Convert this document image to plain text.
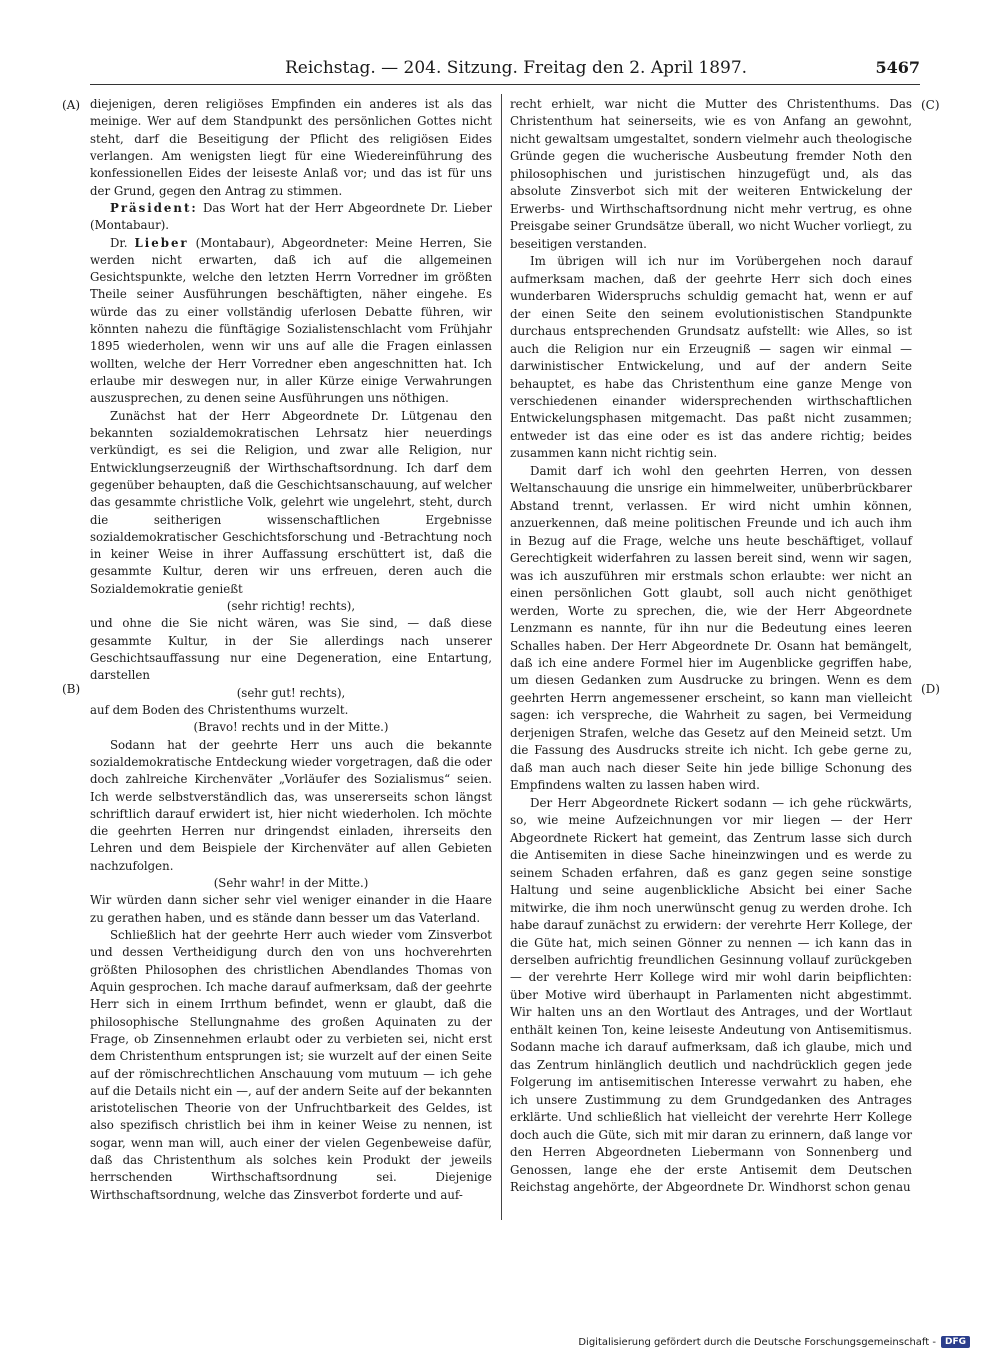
Reichstag. — 204. Sitzung. Freitag den 2. April 1897.	5467
(A)
(B)
(C)
(D)

diejenigen, deren religiöses Empfinden ein anderes ist als das meinige. Wer auf dem Standpunkt des persönlichen Gottes nicht steht, darf die Beseitigung der Pflicht des religiösen Eides verlangen. Am wenigsten liegt für eine Wiedereinführung des konfessionellen Eides der leiseste Anlaß vor; und das ist für uns der Grund, gegen den Antrag zu stimmen.

Präsident: Das Wort hat der Herr Abgeordnete Dr. Lieber (Montabaur).

Dr. Lieber (Montabaur), Abgeordneter: Meine Herren, Sie werden nicht erwarten, daß ich auf die allgemeinen Gesichtspunkte, welche den letzten Herrn Vorredner im größten Theile seiner Ausführungen beschäftigten, näher eingehe. Es würde das zu einer vollständig uferlosen Debatte führen, wir könnten nahezu die fünftägige Sozialistenschlacht vom Frühjahr 1895 wiederholen, wenn wir uns auf alle die Fragen einlassen wollten, welche der Herr Vorredner eben angeschnitten hat. Ich erlaube mir deswegen nur, in aller Kürze einige Verwahrungen auszusprechen, zu denen seine Ausführungen uns nöthigen.

Zunächst hat der Herr Abgeordnete Dr. Lütgenau den bekannten sozialdemokratischen Lehrsatz hier neuerdings verkündigt, es sei die Religion, und zwar alle Religion, nur Entwicklungserzeugniß der Wirthschaftsordnung. Ich darf dem gegenüber behaupten, daß die Geschichtsanschauung, auf welcher das gesammte christliche Volk, gelehrt wie ungelehrt, steht, durch die seitherigen wissenschaftlichen Ergebnisse sozialdemokratischer Geschichtsforschung und -Betrachtung noch in keiner Weise in ihrer Auffassung erschüttert ist, daß die gesammte Kultur, deren wir uns erfreuen, deren auch die Sozialdemokratie genießt

(sehr richtig! rechts),

und ohne die Sie nicht wären, was Sie sind, — daß diese gesammte Kultur, in der Sie allerdings nach unserer Geschichtsauffassung nur eine Degeneration, eine Entartung, darstellen

(sehr gut! rechts),

auf dem Boden des Christenthums wurzelt.

(Bravo! rechts und in der Mitte.)

Sodann hat der geehrte Herr uns auch die bekannte sozialdemokratische Entdeckung wieder vorgetragen, daß die oder doch zahlreiche Kirchenväter „Vorläufer des Sozialismus“ seien. Ich werde selbstverständlich das, was unsererseits schon längst schriftlich darauf erwidert ist, hier nicht wiederholen. Ich möchte die geehrten Herren nur dringendst einladen, ihrerseits den Lehren und dem Beispiele der Kirchenväter auf allen Gebieten nachzufolgen.

(Sehr wahr! in der Mitte.)

Wir würden dann sicher sehr viel weniger einander in die Haare zu gerathen haben, und es stände dann besser um das Vaterland.

Schließlich hat der geehrte Herr auch wieder vom Zinsverbot und dessen Vertheidigung durch den von uns hochverehrten größten Philosophen des christlichen Abendlandes Thomas von Aquin gesprochen. Ich mache darauf aufmerksam, daß der geehrte Herr sich in einem Irrthum befindet, wenn er glaubt, daß die philosophische Stellungnahme des großen Aquinaten zu der Frage, ob Zinsennehmen erlaubt oder zu verbieten sei, nicht erst dem Christenthum entsprungen ist; sie wurzelt auf der einen Seite auf der römischrechtlichen Anschauung vom mutuum — ich gehe auf die Details nicht ein —, auf der andern Seite auf der bekannten aristotelischen Theorie von der Unfruchtbarkeit des Geldes, ist also spezifisch christlich bei ihm in keiner Weise zu nennen, ist sogar, wenn man will, auch einer der vielen Gegenbeweise dafür, daß das Christenthum als solches kein Produkt der jeweils herrschenden Wirthschaftsordnung sei. Diejenige Wirthschaftsordnung, welche das Zinsverbot forderte und auf-

recht erhielt, war nicht die Mutter des Christenthums. Das Christenthum hat seinerseits, wie es von Anfang an gewohnt, nicht gewaltsam umgestaltet, sondern vielmehr auch theologische Gründe gegen die wucherische Ausbeutung fremder Noth den philosophischen und juristischen hinzugefügt und, als das absolute Zinsverbot sich mit der weiteren Entwickelung der Erwerbs- und Wirthschaftsordnung nicht mehr vertrug, es ohne Preisgabe seiner Grundsätze überall, wo nicht Wucher vorliegt, zu beseitigen verstanden.

Im übrigen will ich nur im Vorübergehen noch darauf aufmerksam machen, daß der geehrte Herr sich doch eines wunderbaren Widerspruchs schuldig gemacht hat, wenn er auf der einen Seite den seinem evolutionistischen Standpunkte durchaus entsprechenden Grundsatz aufstellt: wie Alles, so ist auch die Religion nur ein Erzeugniß — sagen wir einmal — darwinistischer Entwickelung, und auf der andern Seite behauptet, es habe das Christenthum eine ganze Menge von verschiedenen einander widersprechenden wirthschaftlichen Entwickelungsphasen mitgemacht. Das paßt nicht zusammen; entweder ist das eine oder es ist das andere richtig; beides zusammen kann nicht richtig sein.

Damit darf ich wohl den geehrten Herren, von dessen Weltanschauung die unsrige ein himmelweiter, unüberbrückbarer Abstand trennt, verlassen. Er wird nicht umhin können, anzuerkennen, daß meine politischen Freunde und ich auch ihm in Bezug auf die Frage, welche uns heute beschäftiget, vollauf Gerechtigkeit widerfahren zu lassen bereit sind, wenn wir sagen, was ich auszuführen mir erstmals schon erlaubte: wer nicht an einen persönlichen Gott glaubt, soll auch nicht genöthiget werden, Worte zu sprechen, die, wie der Herr Abgeordnete Lenzmann es nannte, für ihn nur die Bedeutung eines leeren Schalles haben. Der Herr Abgeordnete Dr. Osann hat bemängelt, daß ich eine andere Formel hier im Augenblicke gegriffen habe, um diesen Gedanken zum Ausdrucke zu bringen. Wenn es dem geehrten Herrn angemessener erscheint, so kann man vielleicht sagen: ich verspreche, die Wahrheit zu sagen, bei Vermeidung derjenigen Strafen, welche das Gesetz auf den Meineid setzt. Um die Fassung des Ausdrucks streite ich nicht. Ich gebe gerne zu, daß man auch nach dieser Seite hin jede billige Schonung des Empfindens walten zu lassen haben wird.

Der Herr Abgeordnete Rickert sodann — ich gehe rückwärts, so, wie meine Aufzeichnungen vor mir liegen — der Herr Abgeordnete Rickert hat gemeint, das Zentrum lasse sich durch die Antisemiten in diese Sache hineinzwingen und es werde zu seinem Schaden erfahren, daß es ganz gegen seine sonstige Haltung und seine augenblickliche Absicht bei einer Sache mitwirke, die ihm noch unerwünscht genug zu werden drohe. Ich habe darauf zunächst zu erwidern: der verehrte Herr Kollege, der die Güte hat, mich seinen Gönner zu nennen — ich kann das in derselben aufrichtig freundlichen Gesinnung vollauf zurückgeben — der verehrte Herr Kollege wird mir wohl darin beipflichten: über Motive wird überhaupt in Parlamenten nicht abgestimmt. Wir halten uns an den Wortlaut des Antrages, und der Wortlaut enthält keinen Ton, keine leiseste Andeutung von Antisemitismus. Sodann mache ich darauf aufmerksam, daß ich glaube, mich und das Zentrum hinlänglich deutlich und nachdrücklich gegen jede Folgerung im antisemitischen Interesse verwahrt zu haben, ehe ich unsere Zustimmung zu dem Grundgedanken des Antrages erklärte. Und schließlich hat vielleicht der verehrte Herr Kollege doch auch die Güte, sich mit mir daran zu erinnern, daß lange vor den Herren Abgeordneten Liebermann von Sonnenberg und Genossen, lange ehe der erste Antisemit dem Deutschen Reichstag angehörte, der Abgeordnete Dr. Windhorst schon genau

Digitalisierung gefördert durch die Deutsche Forschungsgemeinschaft -	DFG
